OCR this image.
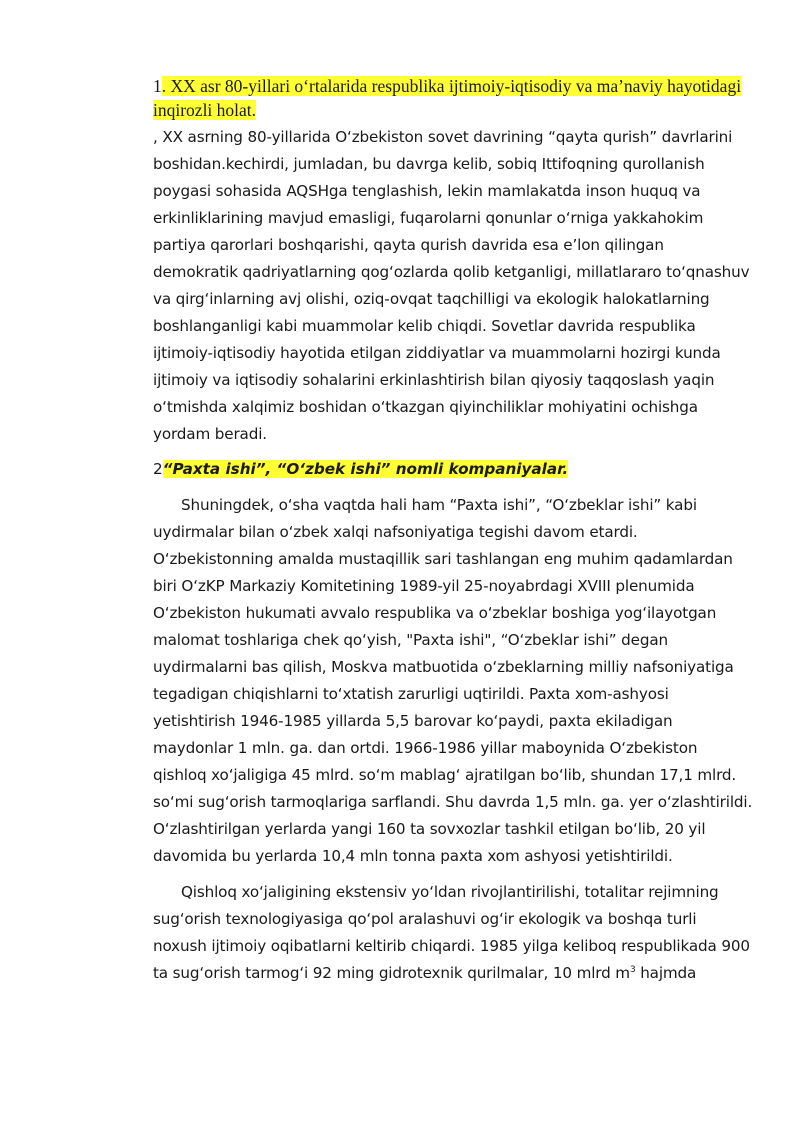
1. XX asr 80-yillari o‘rtalarida respublika ijtimoiy-iqtisodiy va ma’naviy hayotidagi inqirozli holat.

, XX asrning 80-yillarida O‘zbekiston sovet davrining “qayta qurish” davrlarini boshidan.kechirdi, jumladan, bu davrga kelib, sobiq Ittifoqning qurollanish poygasi sohasida AQSHga tenglashish, lekin mamlakatda inson huquq va erkinliklarining mavjud emasligi, fuqarolarni qonunlar o‘rniga yakkahokim partiya qarorlari boshqarishi, qayta qurish davrida esa e’lon qilingan demokratik qadriyatlarning qog‘ozlarda qolib ketganligi, millatlararo to‘qnashuv va qirg‘inlarning avj olishi, oziq-ovqat taqchilligi va ekologik halokatlarning boshlanganligi kabi muammolar kelib chiqdi. Sovetlar davrida respublika ijtimoiy-iqtisodiy hayotida etilgan ziddiyatlar va muammolarni hozirgi kunda ijtimoiy va iqtisodiy sohalarini erkinlashtirish bilan qiyosiy taqqoslash yaqin o‘tmishda xalqimiz boshidan o‘tkazgan qiyinchiliklar mohiyatini ochishga yordam beradi.

2“Paxta ishi”, “O‘zbek ishi” nomli kompaniyalar.

Shuningdek, o‘sha vaqtda hali ham “Paxta ishi”, “O‘zbeklar ishi” kabi uydirmalar bilan o‘zbek xalqi nafsoniyatiga tegishi davom etardi. O‘zbekistonning amalda mustaqillik sari tashlangan eng muhim qadamlardan biri O‘zKP Markaziy Komitetining 1989-yil 25-noyabrdagi XVIII plenumida O‘zbekiston hukumati avvalo respublika va o‘zbeklar boshiga yog‘ilayotgan malomat toshlariga chek qo‘yish, "Paxta ishi", “O‘zbeklar ishi” degan uydirmalarni bas qilish, Moskva matbuotida o‘zbeklarning milliy nafsoniyatiga tegadigan chiqishlarni to‘xtatish zarurligi uqtirildi. Paxta xom-ashyosi yetishtirish 1946-1985 yillarda 5,5 barovar ko‘paydi, paxta ekiladigan maydonlar 1 mln. ga. dan ortdi. 1966-1986 yillar maboynida O‘zbekiston qishloq xo‘jaligiga 45 mlrd. so‘m mablag‘ ajratilgan bo‘lib, shundan 17,1 mlrd. so‘mi sug‘orish tarmoqlariga sarflandi. Shu davrda 1,5 mln. ga. yer o‘zlashtirildi. O‘zlashtirilgan yerlarda yangi 160 ta sovxozlar tashkil etilgan bo‘lib, 20 yil davomida bu yerlarda 10,4 mln tonna paxta xom ashyosi yetishtirildi.

Qishloq xo‘jaligining ekstensiv yo‘ldan rivojlantirilishi, totalitar rejimning sug‘orish texnologiyasiga qo‘pol aralashuvi og‘ir ekologik va boshqa turli noxush ijtimoiy oqibatlarni keltirib chiqardi. 1985 yilga keliboq respublikada 900 ta sug‘orish tarmog‘i 92 ming gidrotexnik qurilmalar, 10 mlrd $m^3$ hajmda
